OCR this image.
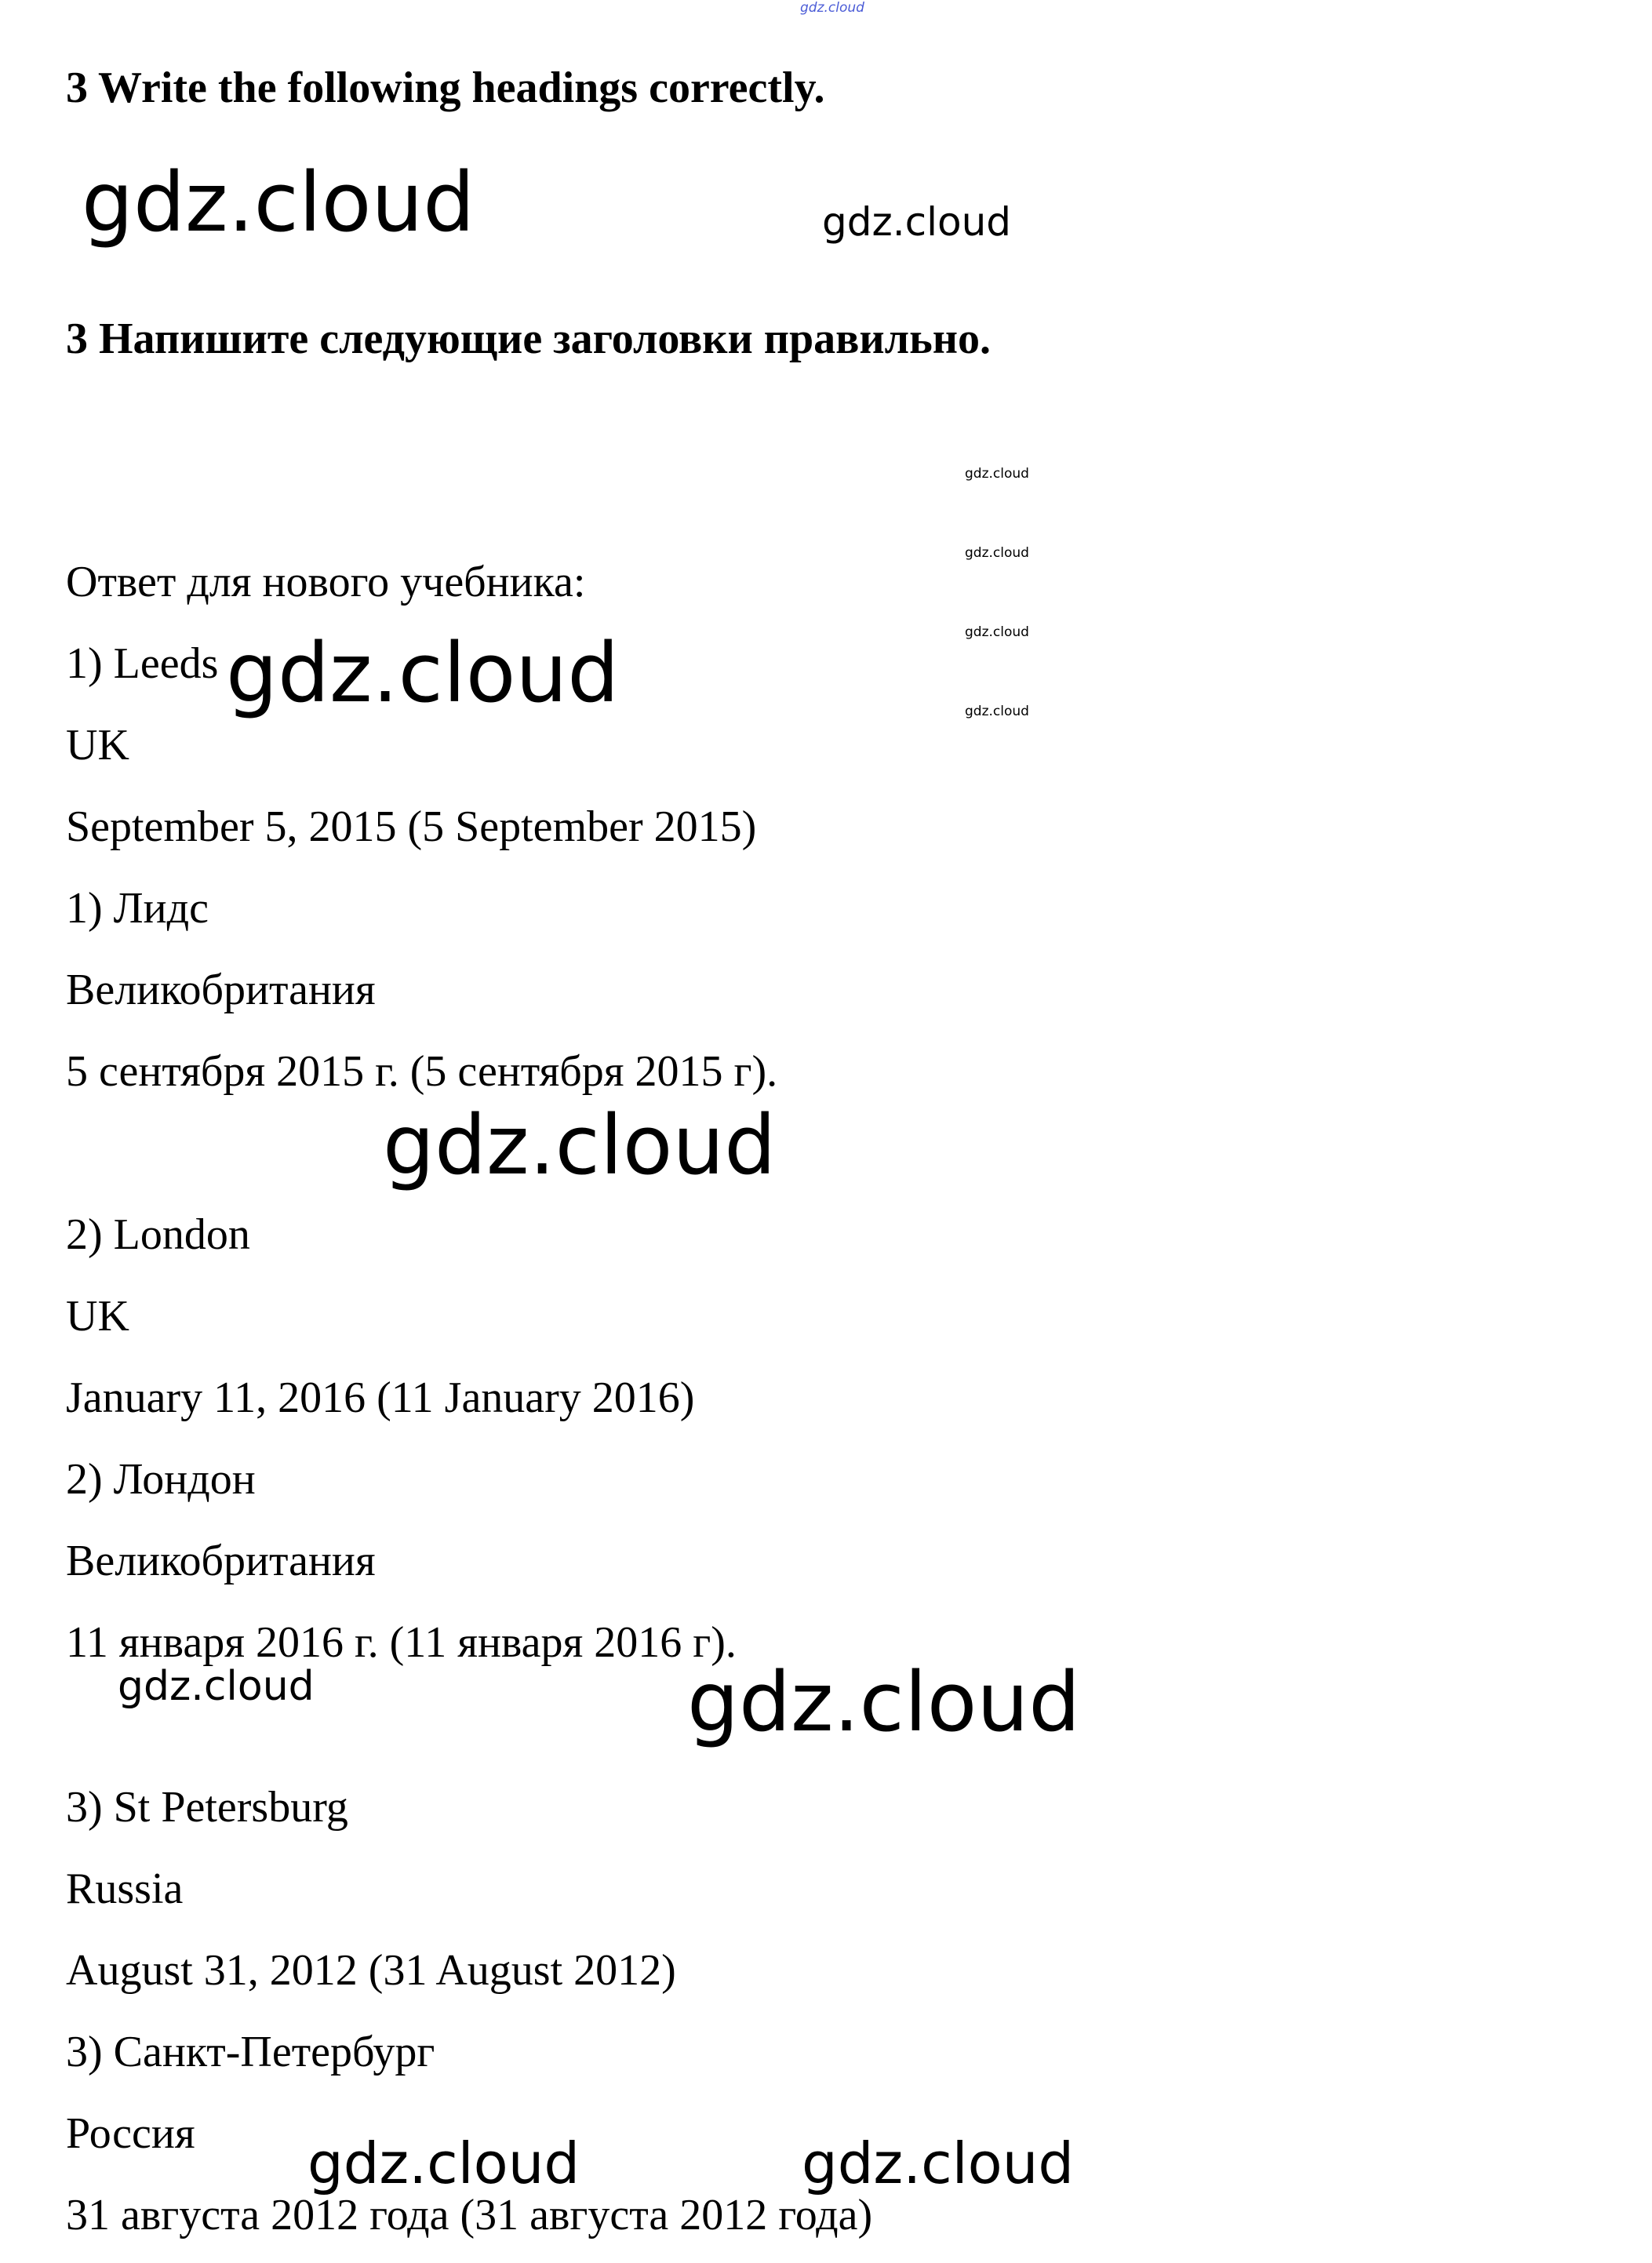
gdz.cloud
3 Write the following headings correctly.
3 Напишите следующие заголовки правильно.
Ответ для нового учебника:
1) Leeds
UK
September 5, 2015 (5 September 2015)
1) Лидс
Великобритания
5 сентября 2015 г. (5 сентября 2015 г).
2) London
UK
January 11, 2016 (11 January 2016)
2) Лондон
Великобритания
11 января 2016 г. (11 января 2016 г).
3) St Petersburg
Russia
August 31, 2012 (31 August 2012)
3) Санкт-Петербург
Россия
31 августа 2012 года (31 августа 2012 года)
gdz.cloud	gdz.cloud
gdz.cloud
gdz.cloud
gdz.cloud
gdz.cloud
gdz.cloud
gdz.cloud
gdz.cloud	gdz.cloud
gdz.cloud	gdz.cloud
